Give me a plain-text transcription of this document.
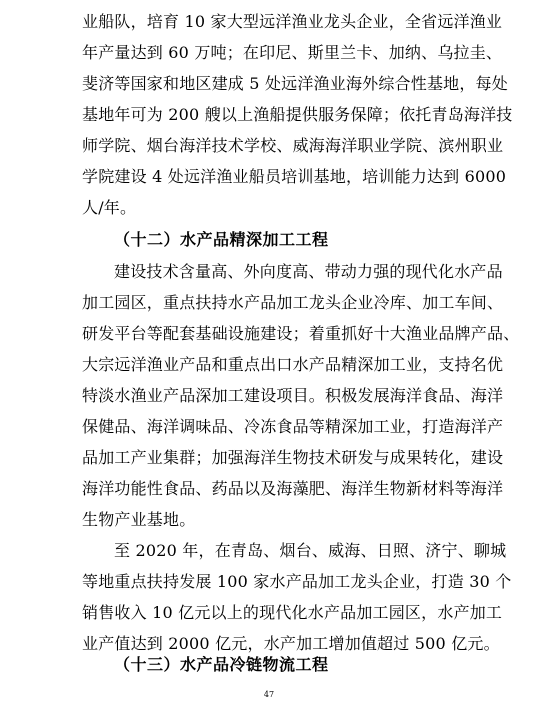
业船队，培育 10 家大型远洋渔业龙头企业，全省远洋渔业
年产量达到 60 万吨；在印尼、斯里兰卡、加纳、乌拉圭、
斐济等国家和地区建成 5 处远洋渔业海外综合性基地，每处
基地年可为 200 艘以上渔船提供服务保障；依托青岛海洋技
师学院、烟台海洋技术学校、威海海洋职业学院、滨州职业
学院建设 4 处远洋渔业船员培训基地，培训能力达到 6000
人/年。
（十二）水产品精深加工工程
建设技术含量高、外向度高、带动力强的现代化水产品
加工园区，重点扶持水产品加工龙头企业冷库、加工车间、
研发平台等配套基础设施建设；着重抓好十大渔业品牌产品、
大宗远洋渔业产品和重点出口水产品精深加工业，支持名优
特淡水渔业产品深加工建设项目。积极发展海洋食品、海洋
保健品、海洋调味品、冷冻食品等精深加工业，打造海洋产
品加工产业集群；加强海洋生物技术研发与成果转化，建设
海洋功能性食品、药品以及海藻肥、海洋生物新材料等海洋
生物产业基地。
至 2020 年，在青岛、烟台、威海、日照、济宁、聊城
等地重点扶持发展 100 家水产品加工龙头企业，打造 30 个
销售收入 10 亿元以上的现代化水产品加工园区，水产加工
业产值达到 2000 亿元，水产加工增加值超过 500 亿元。
（十三）水产品冷链物流工程
47
